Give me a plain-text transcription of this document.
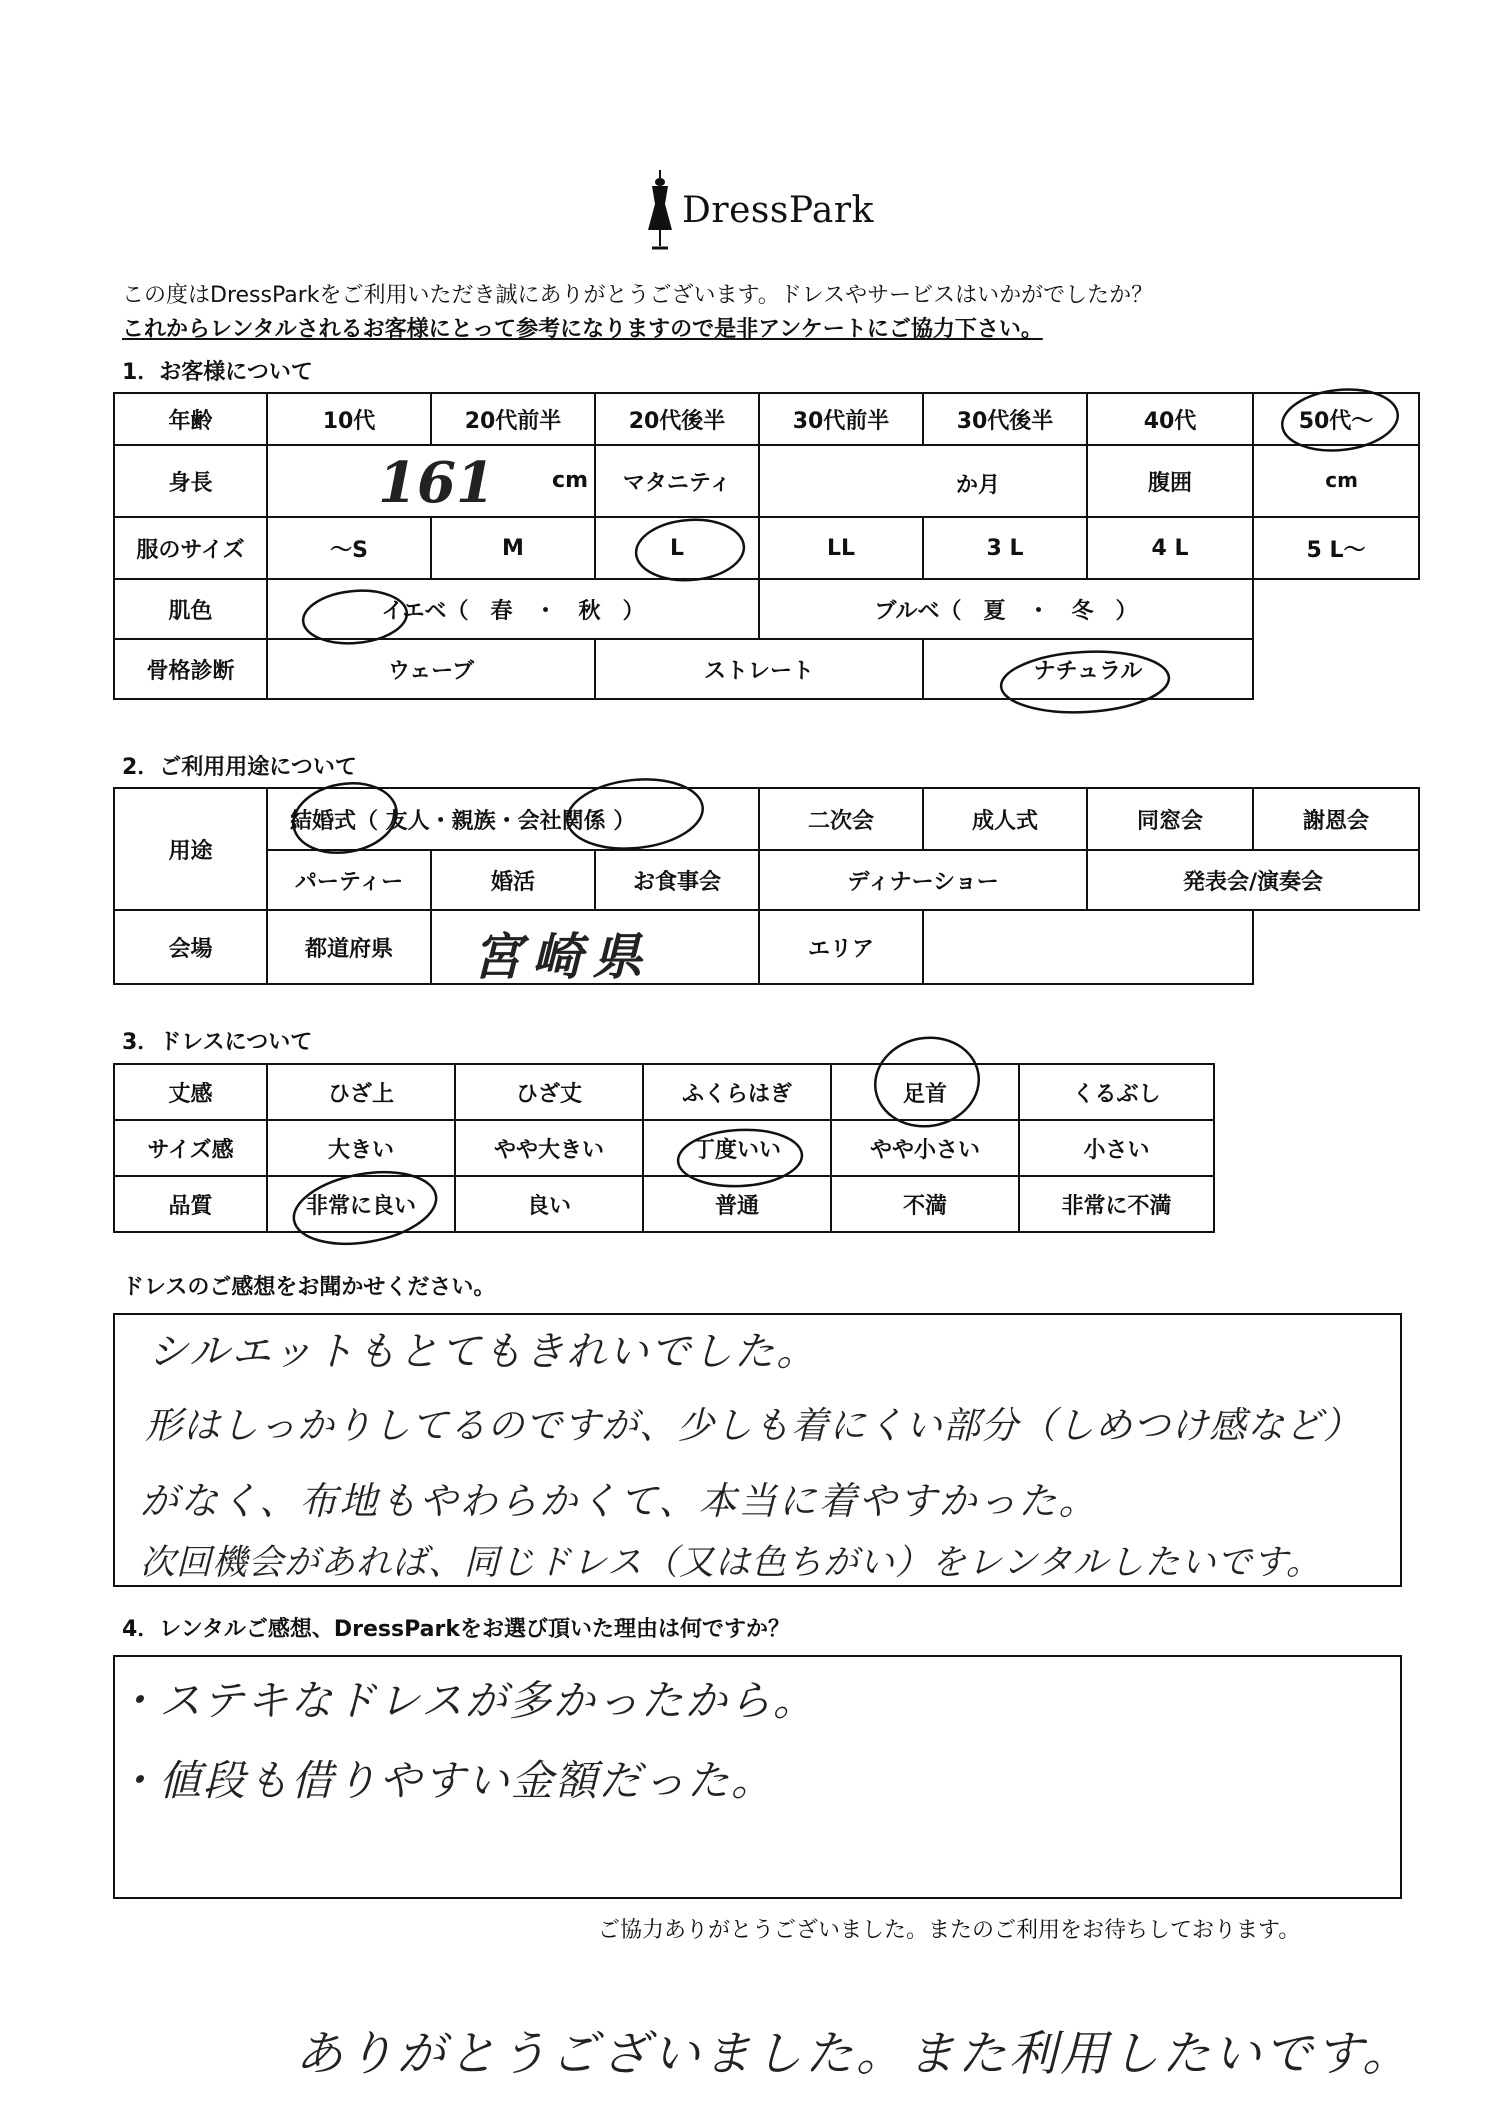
DressPark
この度はDressParkをご利用いただき誠にありがとうございます。ドレスやサービスはいかがでしたか？
これからレンタルされるお客様にとって参考になりますので是非アンケートにご協力下さい。
1．お客様について
年齢	10代	20代前半	20代後半	30代前半	30代後半	40代	50代～
身長	161 cm		マタニティ	か月		腹囲	cm

服のサイズ	～S	M	L	LL	3 L	4 L	5 L～
肌色	イエベ（　春　・　秋　）			ブルベ（　夏　・　冬　）			
骨格診断	ウェーブ		ストレート		ナチュラル		
2．ご利用用途について
用途	結婚式（ 友人・親族・会社関係 ）			二次会	成人式	同窓会	謝恩会
	パーティー	婚活	お食事会	ディナーショー		発表会/演奏会	
会場	都道府県	宮崎県		エリア			
3．ドレスについて
丈感	ひざ上	ひざ丈	ふくらはぎ	足首	くるぶし
サイズ感	大きい	やや大きい	丁度いい	やや小さい	小さい
品質	非常に良い	良い	普通	不満	非常に不満
ドレスのご感想をお聞かせください。
シルエットもとてもきれいでした。
形はしっかりしてるのですが、少しも着にくい部分（しめつけ感など）
がなく、布地もやわらかくて、本当に着やすかった。
次回機会があれば、同じドレス（又は色ちがい）をレンタルしたいです。
4．レンタルご感想、DressParkをお選び頂いた理由は何ですか？
・ステキなドレスが多かったから。
・値段も借りやすい金額だった。
ご協力ありがとうございました。またのご利用をお待ちしております。
ありがとうございました。また利用したいです。
